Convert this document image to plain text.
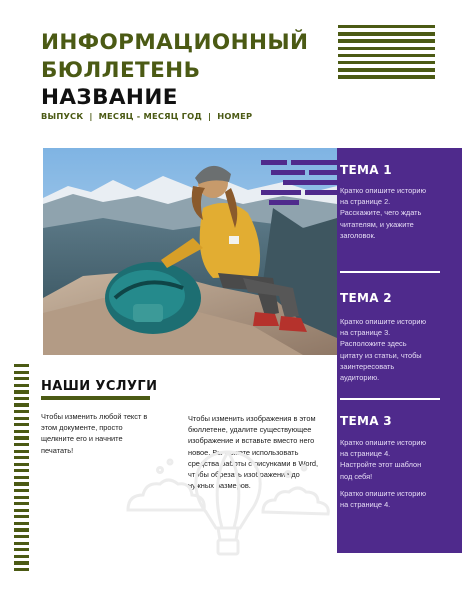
ИНФОРМАЦИОННЫЙ
БЮЛЛЕТЕНЬ
НАЗВАНИЕ
ВЫПУСК | МЕСЯЦ - МЕСЯЦ ГОД | НОМЕР
ТЕМА 1
Кратко опишите историю на странице 2. Расскажите, чего ждать читателям, и укажите заголовок.
ТЕМА 2
Кратко опишите историю на странице 3. Расположите здесь цитату из статьи, чтобы заинтересовать аудиторию.
ТЕМА 3
Кратко опишите историю на странице 4. Настройте этот шаблон под себя!
Кратко опишите историю на странице 4.
НАШИ УСЛУГИ
Чтобы изменить любой текст в этом документе, просто щелкните его и начните печатать!
Чтобы изменить изображения в этом бюллетене, удалите существующее изображение и вставьте вместо него новое. Вы можете использовать средства работы с рисунками в Word, чтобы обрезать изображение до нужных размеров.
